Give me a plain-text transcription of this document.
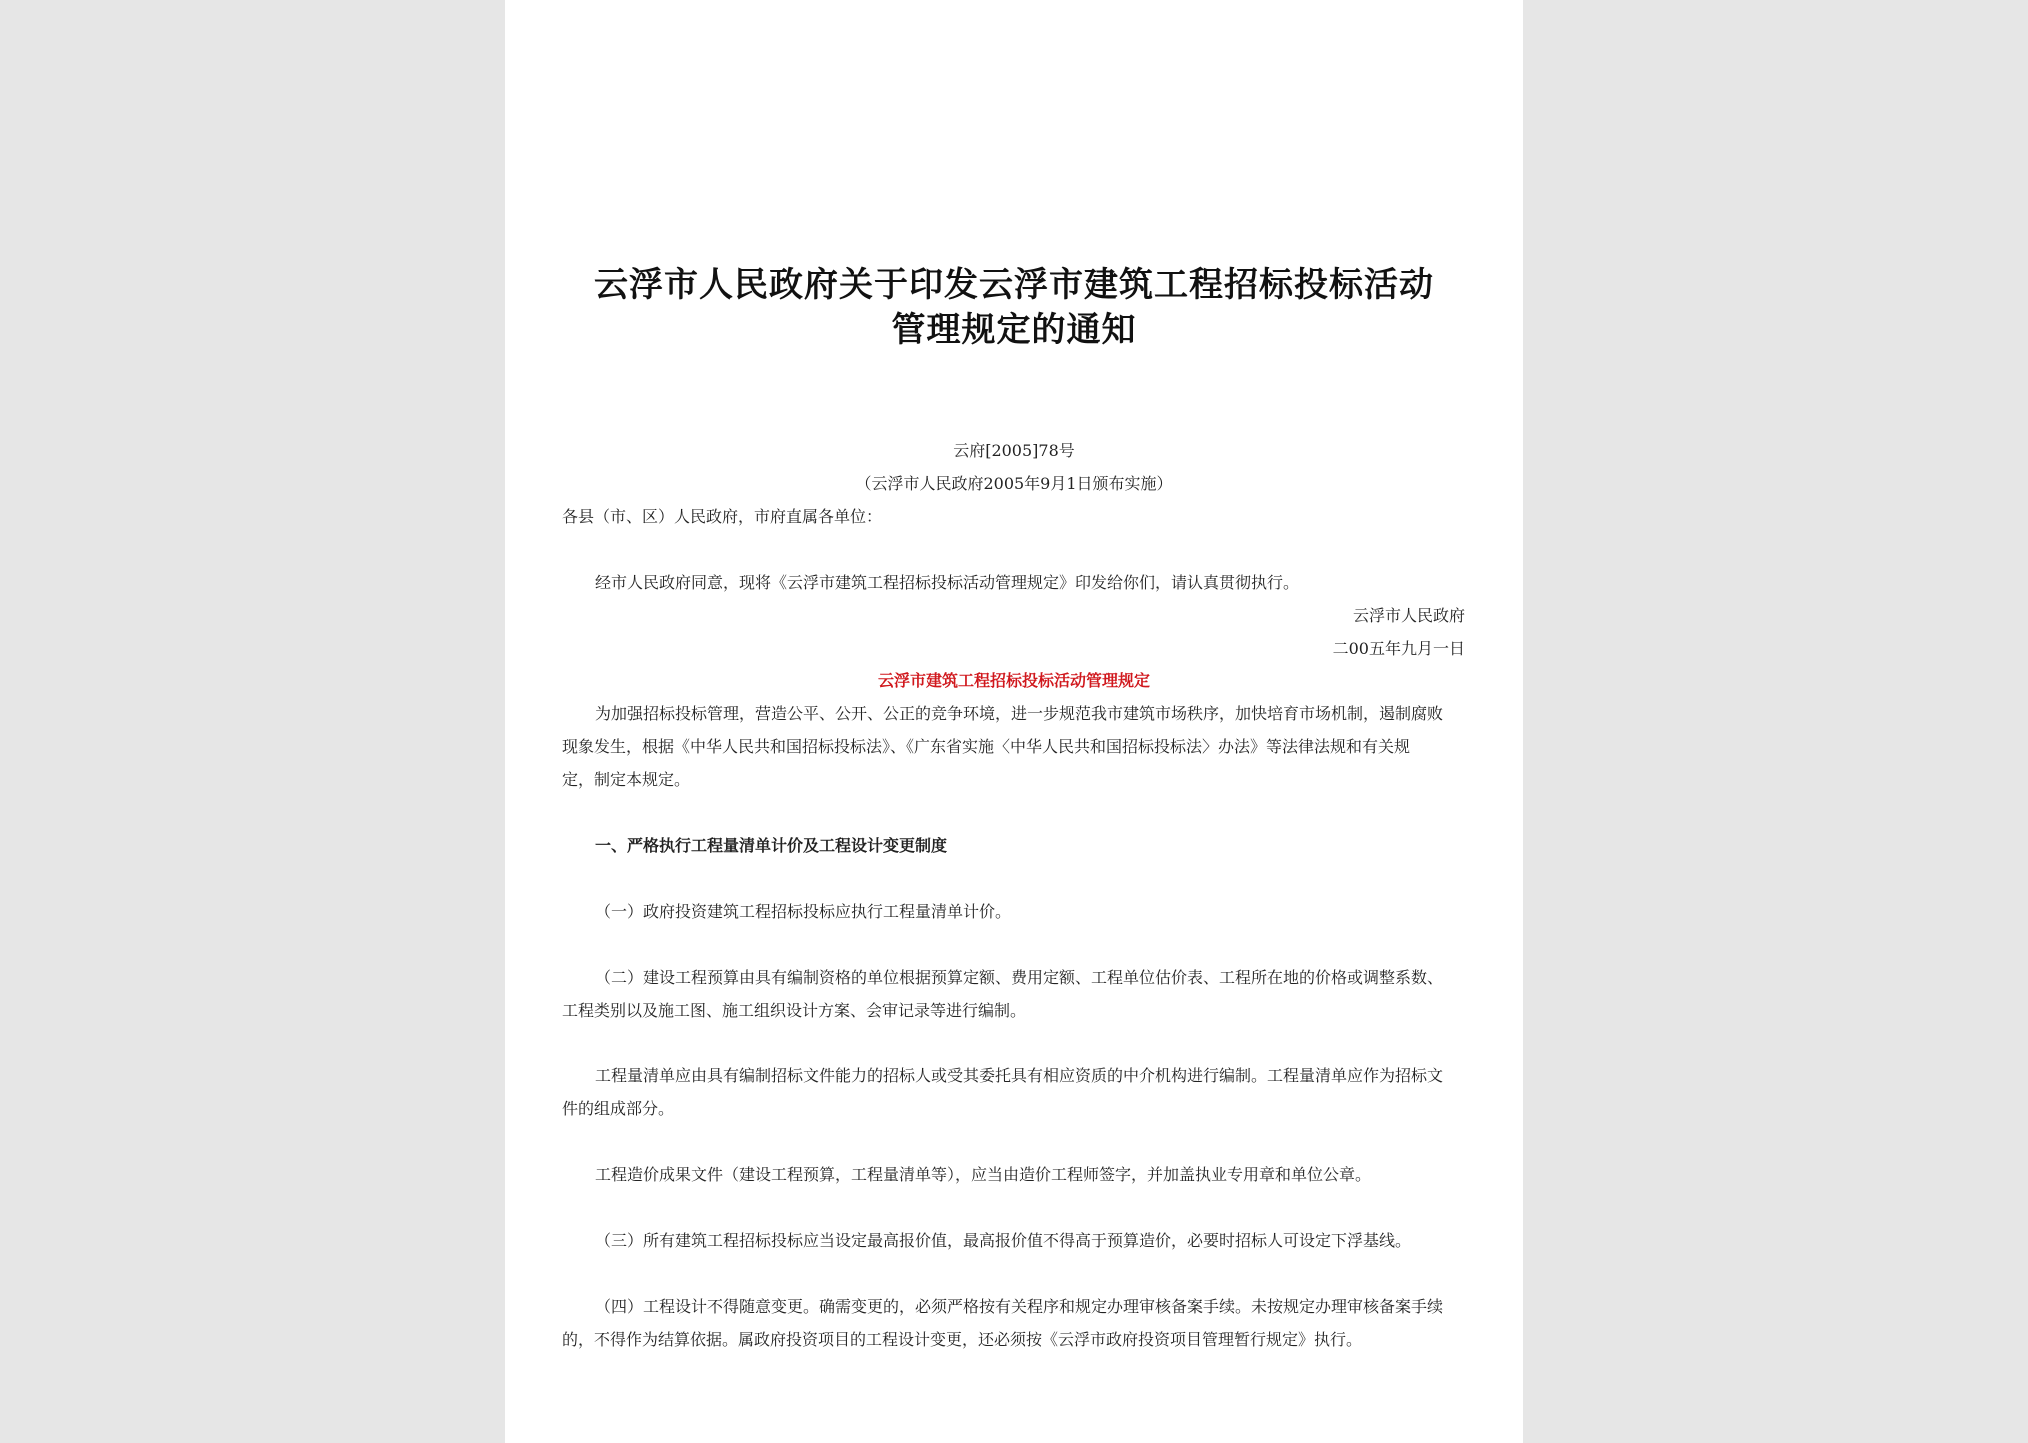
云浮市人民政府关于印发云浮市建筑工程招标投标活动
管理规定的通知
云府[2005]78号
（云浮市人民政府2005年9月1日颁布实施）
各县（市、区）人民政府，市府直属各单位：
经市人民政府同意，现将《云浮市建筑工程招标投标活动管理规定》印发给你们，请认真贯彻执行。
云浮市人民政府
二00五年九月一日
云浮市建筑工程招标投标活动管理规定
为加强招标投标管理，营造公平、公开、公正的竞争环境，进一步规范我市建筑市场秩序，加快培育市场机制，遏制腐败
现象发生，根据《中华人民共和国招标投标法》、《广东省实施〈中华人民共和国招标投标法〉办法》等法律法规和有关规
定，制定本规定。
一、严格执行工程量清单计价及工程设计变更制度
（一）政府投资建筑工程招标投标应执行工程量清单计价。
（二）建设工程预算由具有编制资格的单位根据预算定额、费用定额、工程单位估价表、工程所在地的价格或调整系数、
工程类别以及施工图、施工组织设计方案、会审记录等进行编制。
工程量清单应由具有编制招标文件能力的招标人或受其委托具有相应资质的中介机构进行编制。工程量清单应作为招标文
件的组成部分。
工程造价成果文件（建设工程预算，工程量清单等），应当由造价工程师签字，并加盖执业专用章和单位公章。
（三）所有建筑工程招标投标应当设定最高报价值，最高报价值不得高于预算造价，必要时招标人可设定下浮基线。
（四）工程设计不得随意变更。确需变更的，必须严格按有关程序和规定办理审核备案手续。未按规定办理审核备案手续
的，不得作为结算依据。属政府投资项目的工程设计变更，还必须按《云浮市政府投资项目管理暂行规定》执行。
